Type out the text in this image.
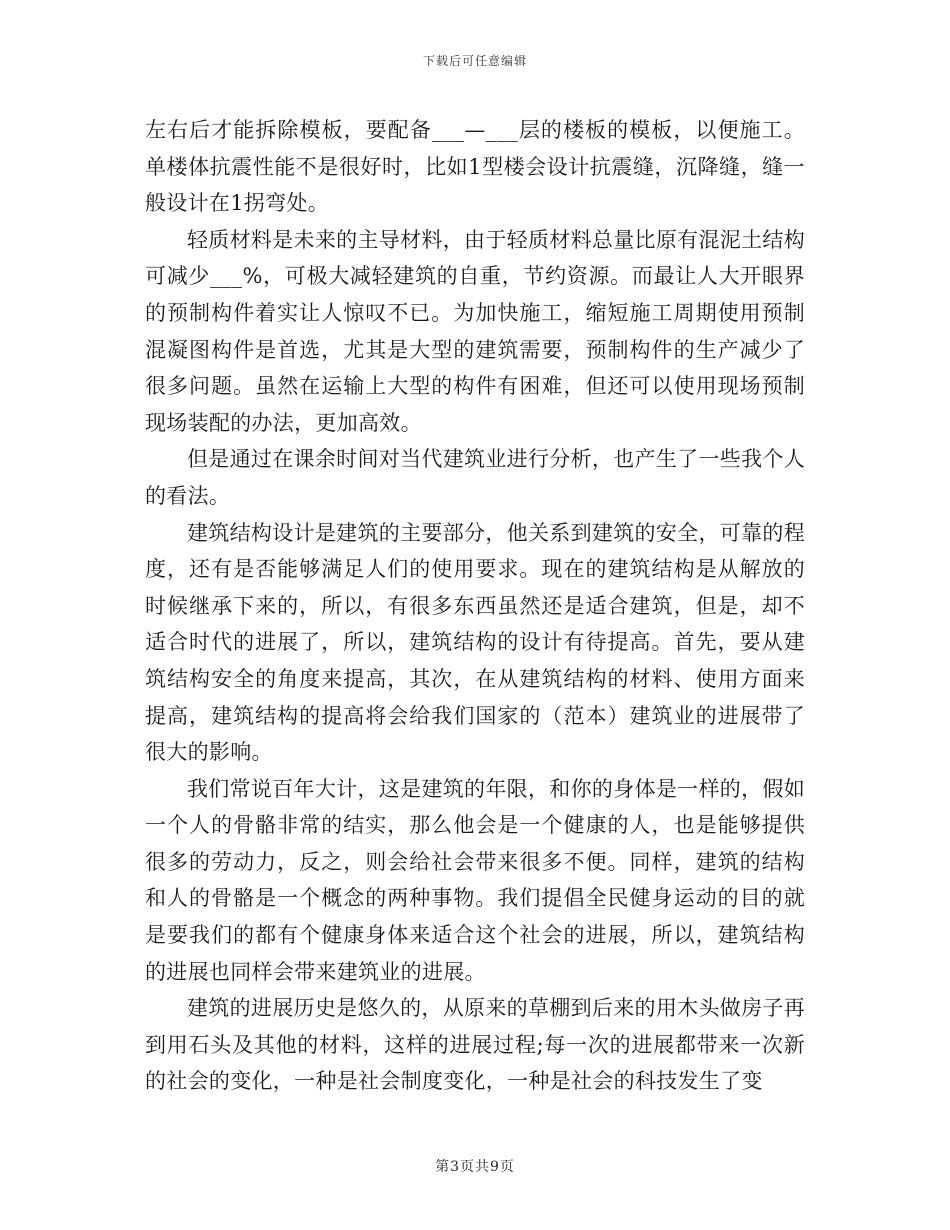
下载后可任意编辑

左右后才能拆除模板，要配备___—___层的楼板的模板，以便施工。单楼体抗震性能不是很好时，比如1型楼会设计抗震缝，沉降缝，缝一般设计在1拐弯处。

轻质材料是未来的主导材料，由于轻质材料总量比原有混泥土结构可减少___%，可极大减轻建筑的自重，节约资源。而最让人大开眼界的预制构件着实让人惊叹不已。为加快施工，缩短施工周期使用预制混凝图构件是首选，尤其是大型的建筑需要，预制构件的生产减少了很多问题。虽然在运输上大型的构件有困难，但还可以使用现场预制现场装配的办法，更加高效。

但是通过在课余时间对当代建筑业进行分析，也产生了一些我个人的看法。

建筑结构设计是建筑的主要部分，他关系到建筑的安全，可靠的程度，还有是否能够满足人们的使用要求。现在的建筑结构是从解放的时候继承下来的，所以，有很多东西虽然还是适合建筑，但是，却不适合时代的进展了，所以，建筑结构的设计有待提高。首先，要从建筑结构安全的角度来提高，其次，在从建筑结构的材料、使用方面来提高，建筑结构的提高将会给我们国家的（范本）建筑业的进展带了很大的影响。

我们常说百年大计，这是建筑的年限，和你的身体是一样的，假如一个人的骨骼非常的结实，那么他会是一个健康的人，也是能够提供很多的劳动力，反之，则会给社会带来很多不便。同样，建筑的结构和人的骨骼是一个概念的两种事物。我们提倡全民健身运动的目的就是要我们的都有个健康身体来适合这个社会的进展，所以，建筑结构的进展也同样会带来建筑业的进展。

建筑的进展历史是悠久的，从原来的草棚到后来的用木头做房子再到用石头及其他的材料，这样的进展过程;每一次的进展都带来一次新的社会的变化，一种是社会制度变化，一种是社会的科技发生了变

第3页共9页
